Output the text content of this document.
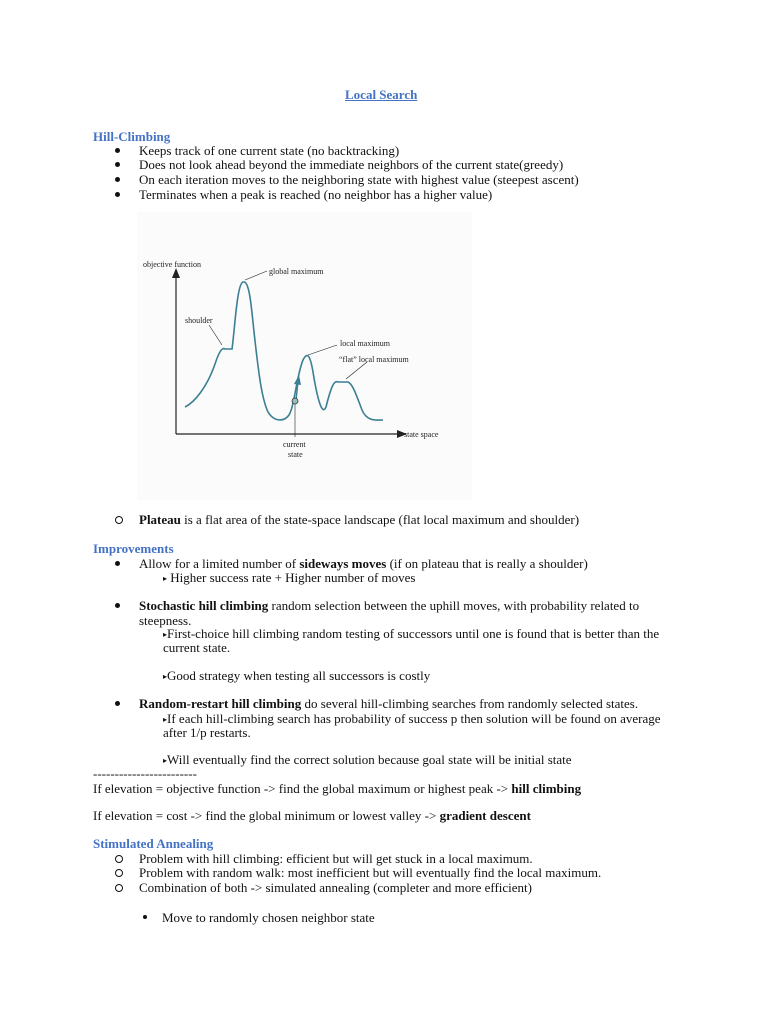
Local Search
Hill-Climbing
Keeps track of one current state (no backtracking)
Does not look ahead beyond the immediate neighbors of the current state(greedy)
On each iteration moves to the neighboring state with highest value (steepest ascent)
Terminates when a peak is reached (no neighbor has a higher value)
objective function
global maximum
shoulder
local maximum
“flat” local maximum
state space
current
state
Plateau is a flat area of the state-space landscape (flat local maximum and shoulder)
Improvements
Allow for a limited number of sideways moves (if on plateau that is really a shoulder)
▸ Higher success rate + Higher number of moves
Stochastic hill climbing random selection between the uphill moves, with probability related to
steepness.
▸First-choice hill climbing random testing of successors until one is found that is better than the
current state.
▸Good strategy when testing all successors is costly
Random-restart hill climbing do several hill-climbing searches from randomly selected states.
▸If each hill-climbing search has probability of success p then solution will be found on average
after 1/p restarts.
▸Will eventually find the correct solution because goal state will be initial state
------------------------
If elevation = objective function -> find the global maximum or highest peak -> hill climbing
If elevation = cost -> find the global minimum or lowest valley -> gradient descent
Stimulated Annealing
Problem with hill climbing: efficient but will get stuck in a local maximum.
Problem with random walk: most inefficient but will eventually find the local maximum.
Combination of both -> simulated annealing (completer and more efficient)
Move to randomly chosen neighbor state
